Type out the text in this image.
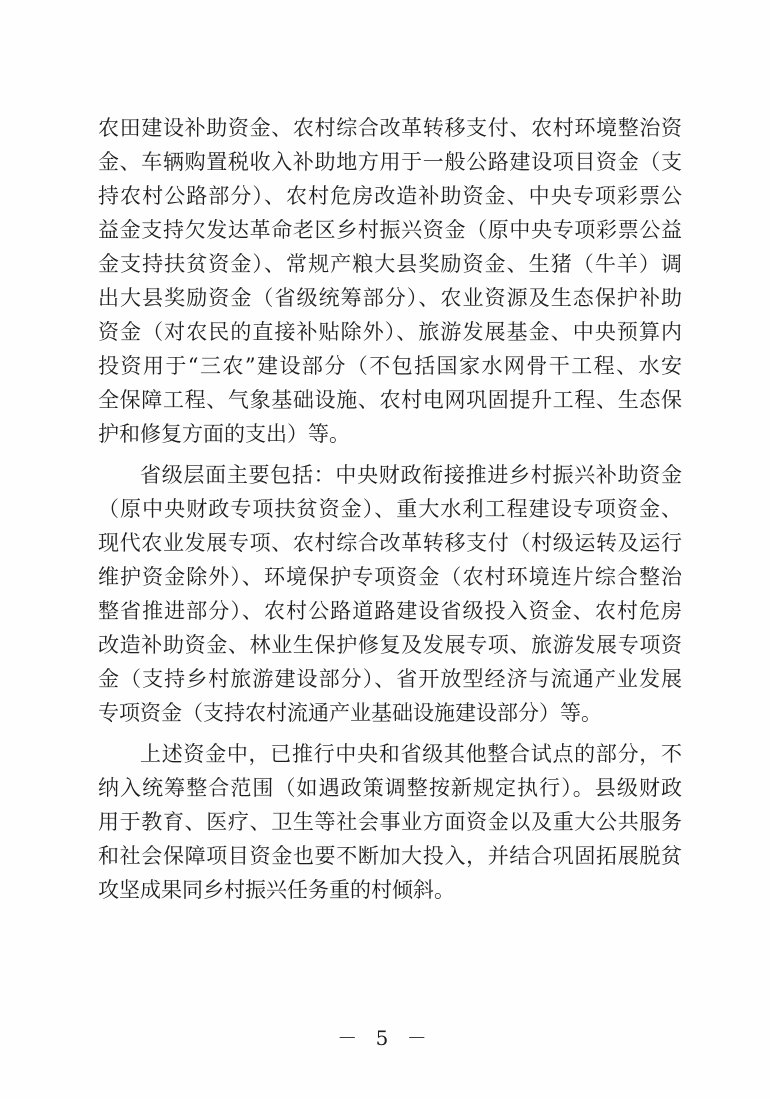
农田建设补助资金、农村综合改革转移支付、农村环境整治资
金、车辆购置税收入补助地方用于一般公路建设项目资金（支
持农村公路部分）、农村危房改造补助资金、中央专项彩票公
益金支持欠发达革命老区乡村振兴资金（原中央专项彩票公益
金支持扶贫资金）、常规产粮大县奖励资金、生猪（牛羊）调
出大县奖励资金（省级统筹部分）、农业资源及生态保护补助
资金（对农民的直接补贴除外）、旅游发展基金、中央预算内
投资用于“三农”建设部分（不包括国家水网骨干工程、水安
全保障工程、气象基础设施、农村电网巩固提升工程、生态保
护和修复方面的支出）等。

省级层面主要包括：中央财政衔接推进乡村振兴补助资金
（原中央财政专项扶贫资金）、重大水利工程建设专项资金、
现代农业发展专项、农村综合改革转移支付（村级运转及运行
维护资金除外）、环境保护专项资金（农村环境连片综合整治
整省推进部分）、农村公路道路建设省级投入资金、农村危房
改造补助资金、林业生保护修复及发展专项、旅游发展专项资
金（支持乡村旅游建设部分）、省开放型经济与流通产业发展
专项资金（支持农村流通产业基础设施建设部分）等。

上述资金中，已推行中央和省级其他整合试点的部分，不
纳入统筹整合范围（如遇政策调整按新规定执行）。县级财政
用于教育、医疗、卫生等社会事业方面资金以及重大公共服务
和社会保障项目资金也要不断加大投入，并结合巩固拓展脱贫
攻坚成果同乡村振兴任务重的村倾斜。

－ 5 －
